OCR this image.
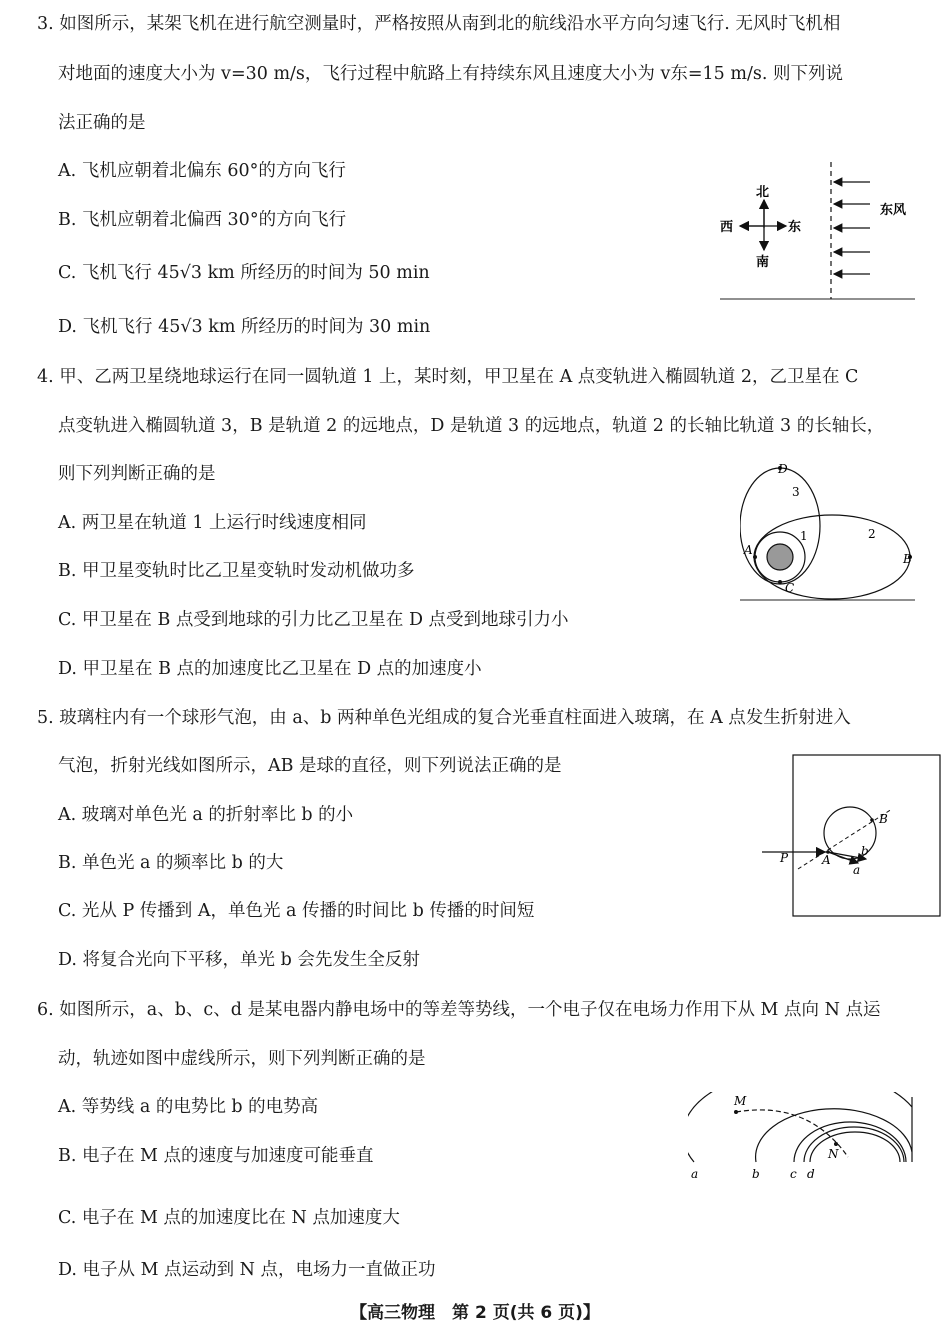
3. 如图所示，某架飞机在进行航空测量时，严格按照从南到北的航线沿水平方向匀速飞行. 无风时飞机相
对地面的速度大小为 v=30 m/s，飞行过程中航路上有持续东风且速度大小为 v东=15 m/s. 则下列说
法正确的是
A. 飞机应朝着北偏东 60°的方向飞行
B. 飞机应朝着北偏西 30°的方向飞行
C. 飞机飞行 45√3 km 所经历的时间为 50 min
D. 飞机飞行 45√3 km 所经历的时间为 30 min
北
南
西	东
东风
4. 甲、乙两卫星绕地球运行在同一圆轨道 1 上，某时刻，甲卫星在 A 点变轨进入椭圆轨道 2，乙卫星在 C
点变轨进入椭圆轨道 3，B 是轨道 2 的远地点，D 是轨道 3 的远地点，轨道 2 的长轴比轨道 3 的长轴长，
则下列判断正确的是
A. 两卫星在轨道 1 上运行时线速度相同
B. 甲卫星变轨时比乙卫星变轨时发动机做功多
C. 甲卫星在 B 点受到地球的引力比乙卫星在 D 点受到地球引力小
D. 甲卫星在 B 点的加速度比乙卫星在 D 点的加速度小
D
3
1	2
A
B
C
5. 玻璃柱内有一个球形气泡，由 a、b 两种单色光组成的复合光垂直柱面进入玻璃，在 A 点发生折射进入
气泡，折射光线如图所示，AB 是球的直径，则下列说法正确的是
A. 玻璃对单色光 a 的折射率比 b 的小
B. 单色光 a 的频率比 b 的大
C. 光从 P 传播到 A，单色光 a 传播的时间比 b 传播的时间短
D. 将复合光向下平移，单光 b 会先发生全反射
P	A
B
b
a
6. 如图所示，a、b、c、d 是某电器内静电场中的等差等势线，一个电子仅在电场力作用下从 M 点向 N 点运
动，轨迹如图中虚线所示，则下列判断正确的是
A. 等势线 a 的电势比 b 的电势高
B. 电子在 M 点的速度与加速度可能垂直
C. 电子在 M 点的加速度比在 N 点加速度大
D. 电子从 M 点运动到 N 点，电场力一直做正功
M
N
a	b	c d
【高三物理　第 2 页(共 6 页)】
